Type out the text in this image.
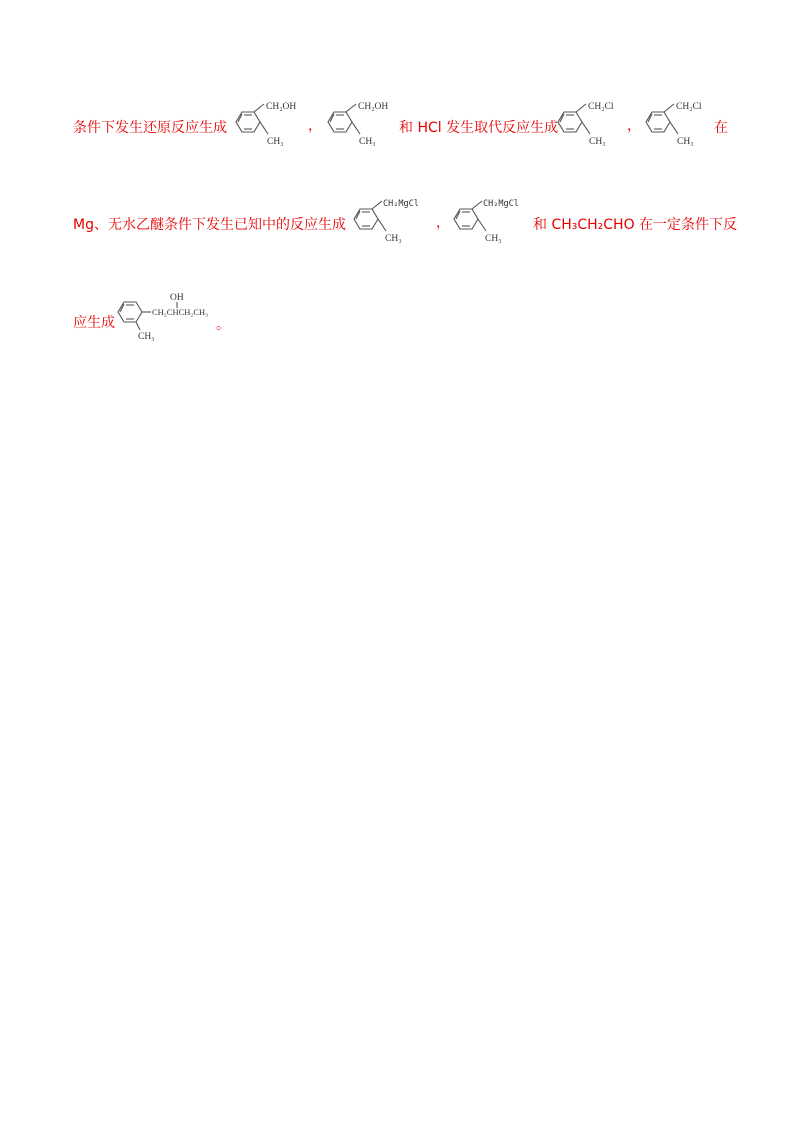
条件下发生还原反应生成
CH₂OH
CH₃
，
CH₂OH
CH₃
和 HCl 发生取代反应生成
CH₂Cl
CH₃
，
CH₂Cl
CH₃
在
Mg、无水乙醚条件下发生已知中的反应生成
CH₂MgCl
CH₃
，
CH₂MgCl
CH₃
和 CH₃CH₂CHO 在一定条件下反
应生成
OH
CH₂CHCH₂CH₃
CH₃
。
